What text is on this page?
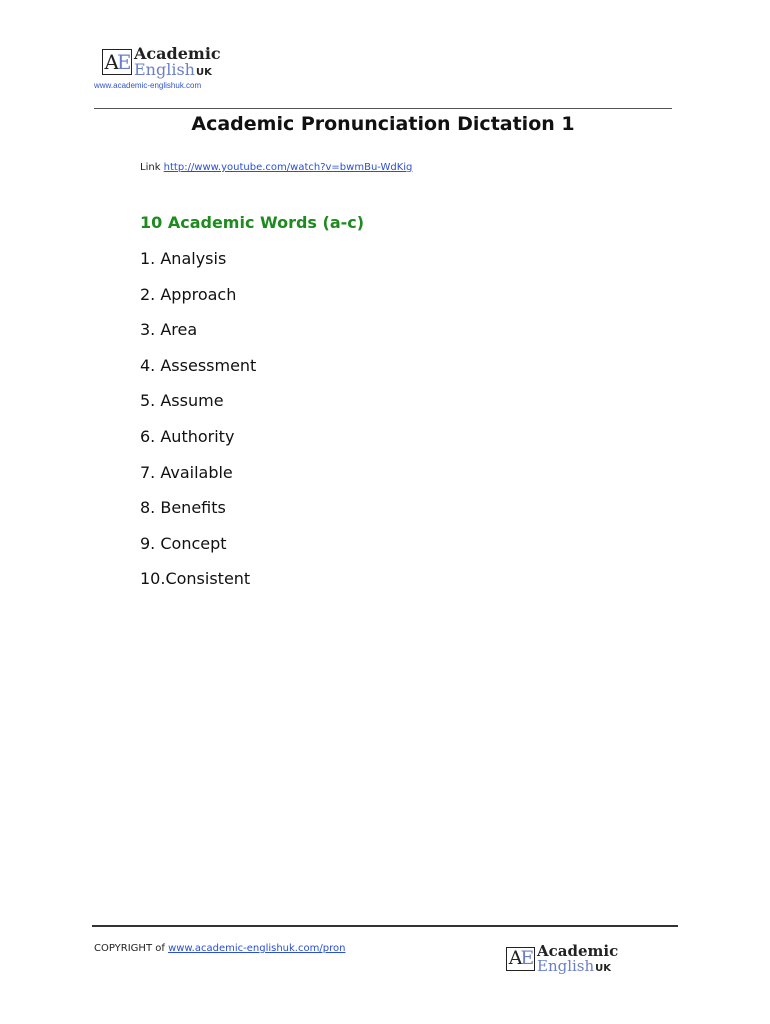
A E Academic
English UK
www.academic-englishuk.com
Academic Pronunciation Dictation 1
Link http://www.youtube.com/watch?v=bwmBu-WdKig
10 Academic Words (a-c)
1. Analysis
2. Approach
3. Area
4. Assessment
5. Assume
6. Authority
7. Available
8. Benefits
9. Concept
10.Consistent
COPYRIGHT of www.academic-englishuk.com/pron	A E Academic
English UK
